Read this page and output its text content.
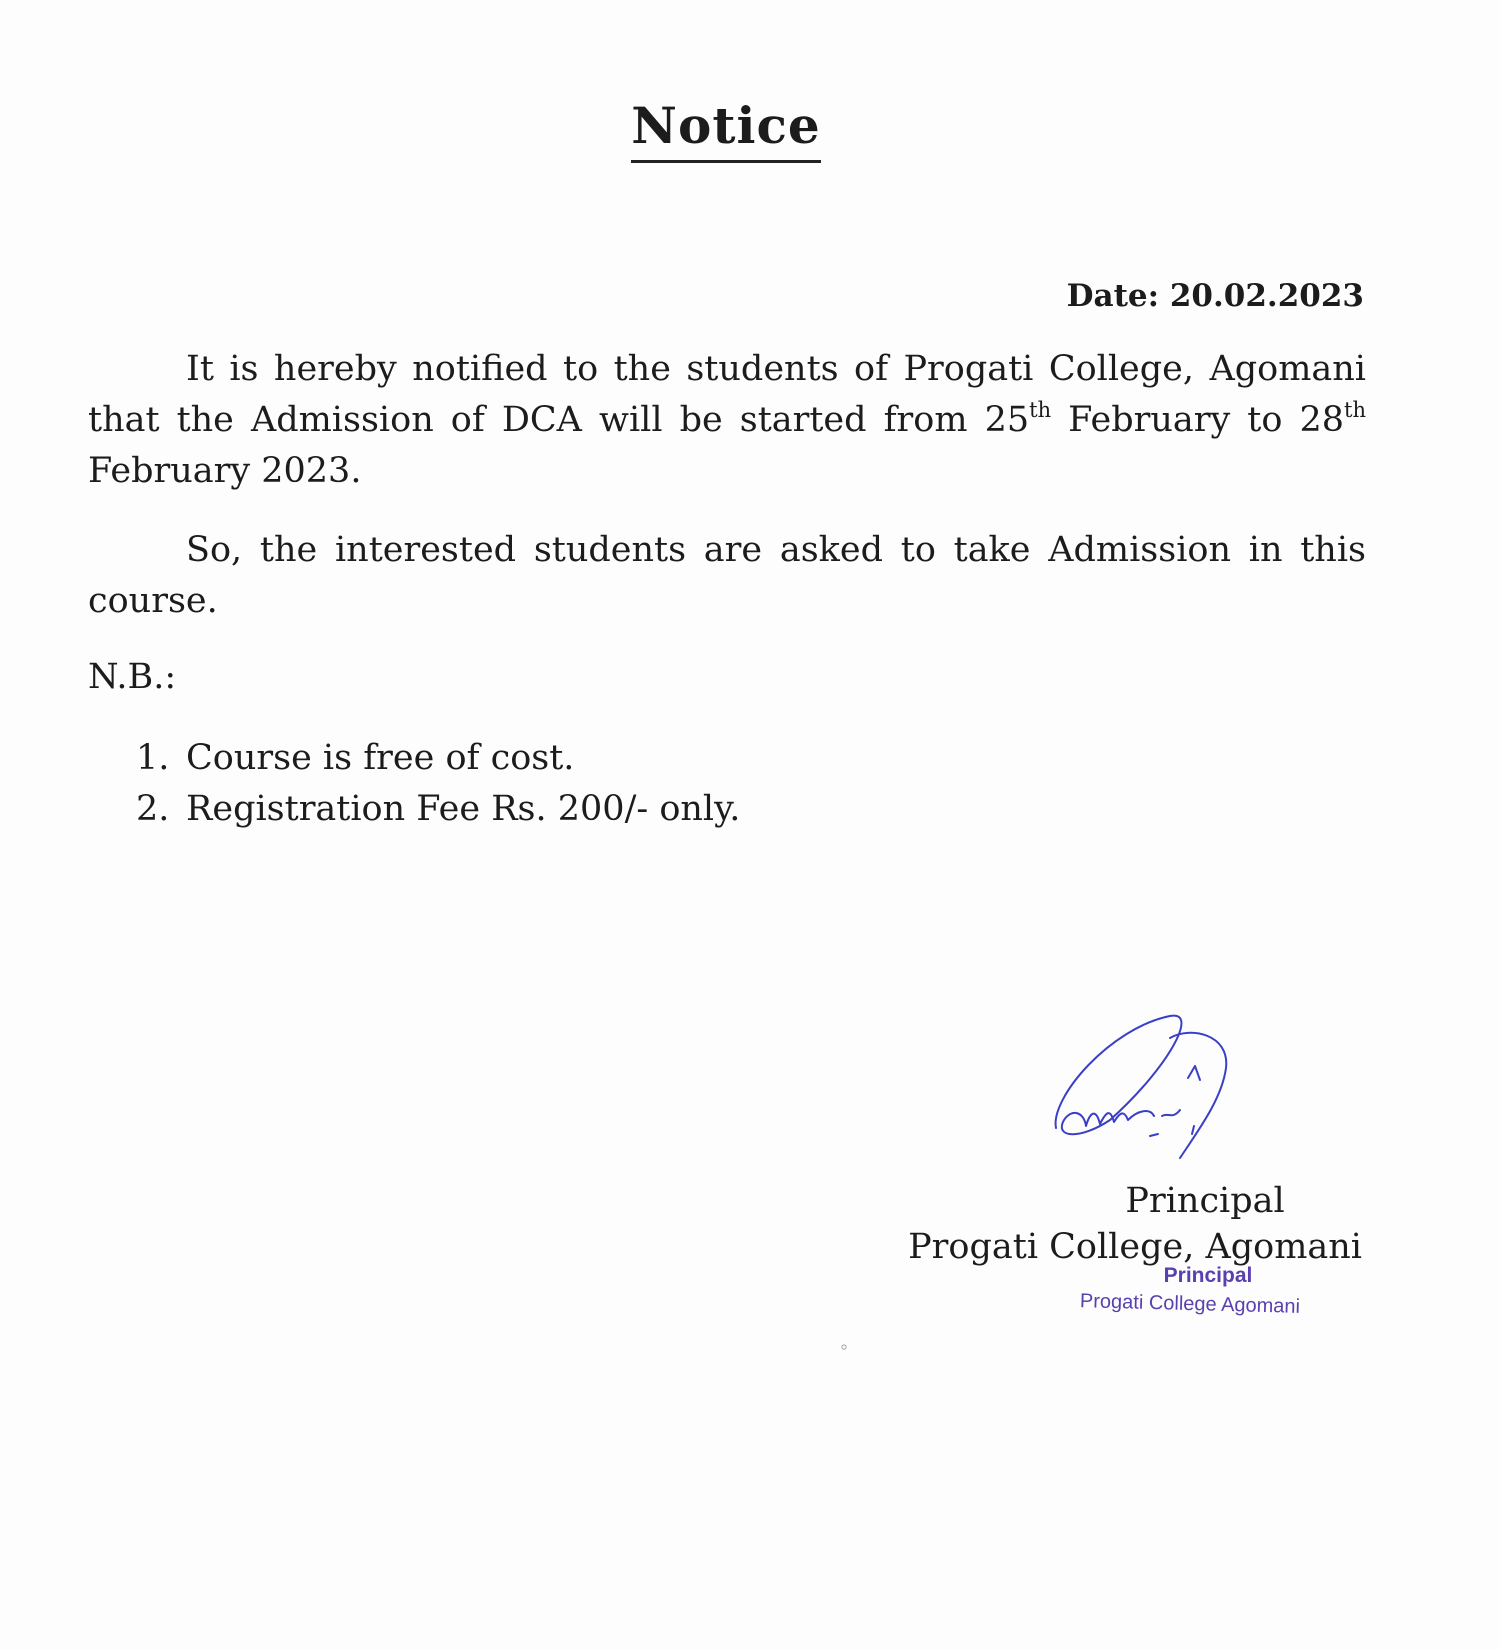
Notice
Date: 20.02.2023

It is hereby notified to the students of Progati College, Agomani that the Admission of DCA will be started from 25th February to 28th February 2023.

So, the interested students are asked to take Admission in this course.

N.B.:
1. Course is free of cost.
2. Registration Fee Rs. 200/- only.
Principal
Progati College, Agomani
Principal
Progati College Agomani
⸰
